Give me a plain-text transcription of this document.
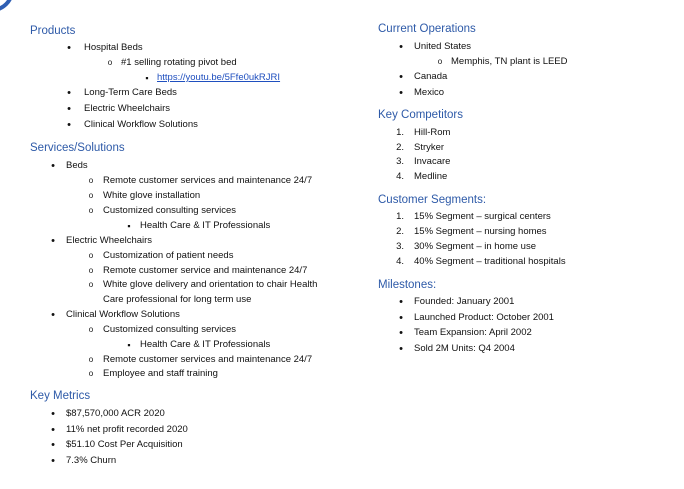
Products
•
Hospital Beds
o
#1 selling rotating pivot bed
▪
https://youtu.be/5Ffe0ukRJRI
•
Long-Term Care Beds
•
Electric Wheelchairs
•
Clinical Workflow Solutions
Services/Solutions
•
Beds
o
Remote customer services and maintenance 24/7
o
White glove installation
o
Customized consulting services
▪
Health Care & IT Professionals
•
Electric Wheelchairs
o
Customization of patient needs
o
Remote customer service and maintenance 24/7
o
White glove delivery and orientation to chair Health
Care professional for long term use
•
Clinical Workflow Solutions
o
Customized consulting services
▪
Health Care & IT Professionals
o
Remote customer services and maintenance 24/7
o
Employee and staff training
Key Metrics
•
$87,570,000 ACR 2020
•
11% net profit recorded 2020
•
$51.10 Cost Per Acquisition
•
7.3% Churn
Current Operations
•
United States
o
Memphis, TN plant is LEED
•
Canada
•
Mexico
Key Competitors
1. Hill-Rom
2. Stryker
3. Invacare
4. Medline
Customer Segments:
1. 15% Segment – surgical centers
2. 15% Segment – nursing homes
3. 30% Segment – in home use
4. 40% Segment – traditional hospitals
Milestones:
•
Founded: January 2001
•
Launched Product: October 2001
•
Team Expansion: April 2002
•
Sold 2M Units: Q4 2004
